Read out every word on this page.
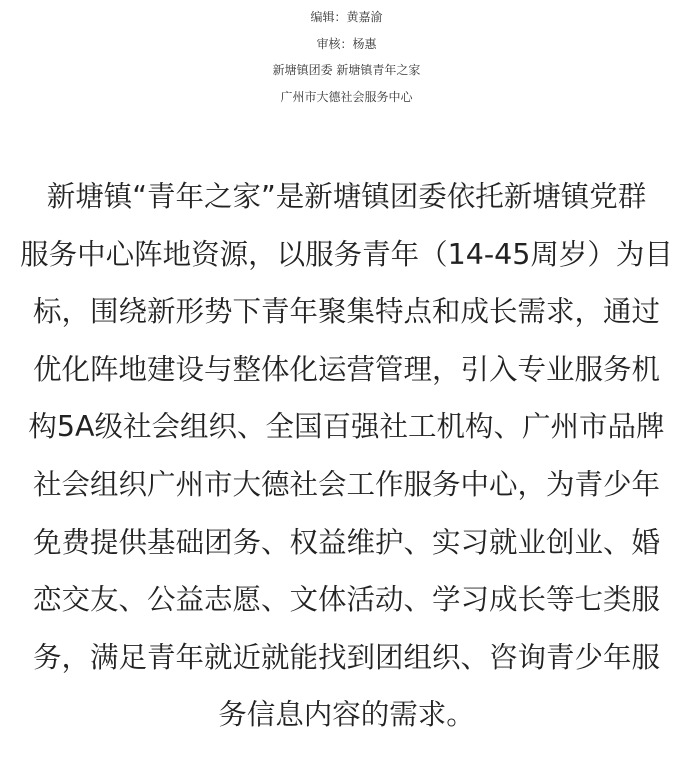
编辑：黄嘉渝
审核：杨惠
新塘镇团委 新塘镇青年之家
广州市大德社会服务中心
新塘镇“青年之家”是新塘镇团委依托新塘镇党群
服务中心阵地资源，以服务青年（14-45周岁）为目
标，围绕新形势下青年聚集特点和成长需求，通过
优化阵地建设与整体化运营管理，引入专业服务机
构5A级社会组织、全国百强社工机构、广州市品牌
社会组织广州市大德社会工作服务中心，为青少年
免费提供基础团务、权益维护、实习就业创业、婚
恋交友、公益志愿、文体活动、学习成长等七类服
务，满足青年就近就能找到团组织、咨询青少年服
务信息内容的需求。
